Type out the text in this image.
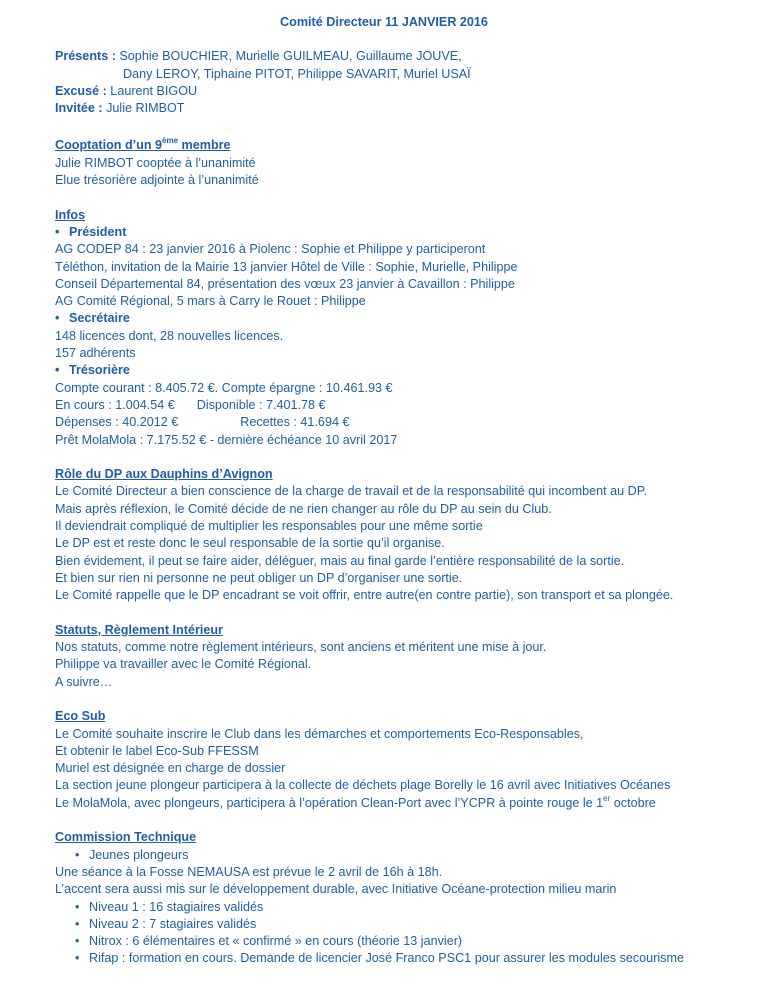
Comité Directeur 11 JANVIER 2016
Présents : Sophie BOUCHIER, Murielle GUILMEAU, Guillaume JOUVE,
Dany LEROY, Tiphaine PITOT, Philippe SAVARIT, Muriel USAÏ
Excusé : Laurent BIGOU
Invitée : Julie RIMBOT
Cooptation d’un 9ème membre
Julie RIMBOT cooptée à l’unanimité
Elue trésorière adjointe à l’unanimité
Infos
• Président
AG CODEP 84 : 23 janvier 2016 à Piolenc : Sophie et Philippe y participeront
Téléthon, invitation de la Mairie 13 janvier Hôtel de Ville : Sophie, Murielle, Philippe
Conseil Départemental 84, présentation des vœux 23 janvier à Cavaillon : Philippe
AG Comité Régional, 5 mars à Carry le Rouet : Philippe
• Secrétaire
148 licences dont, 28 nouvelles licences.
157 adhérents
• Trésorière
Compte courant : 8.405.72 €. Compte épargne : 10.461.93 €
En cours : 1.004.54 € Disponible : 7.401.78 €
Dépenses : 40.2012 €	Recettes : 41.694 €
Prêt MolaMola : 7.175.52 € - dernière échéance 10 avril 2017
Rôle du DP aux Dauphins d’Avignon
Le Comité Directeur a bien conscience de la charge de travail et de la responsabilité qui incombent au DP.
Mais après réflexion, le Comité décide de ne rien changer au rôle du DP au sein du Club.
Il deviendrait compliqué de multiplier les responsables pour une même sortie
Le DP est et reste donc le seul responsable de la sortie qu’il organise.
Bien évidement, il peut se faire aider, déléguer, mais au final garde l’entière responsabilité de la sortie.
Et bien sur rien ni personne ne peut obliger un DP d’organiser une sortie.
Le Comité rappelle que le DP encadrant se voit offrir, entre autre(en contre partie), son transport et sa plongée.
Statuts, Règlement Intérieur
Nos statuts, comme notre règlement intérieurs, sont anciens et méritent une mise à jour.
Philippe va travailler avec le Comité Régional.
A suivre…
Eco Sub
Le Comité souhaite inscrire le Club dans les démarches et comportements Eco-Responsables,
Et obtenir le label Eco-Sub FFESSM
Muriel est désignée en charge de dossier
La section jeune plongeur participera à la collecte de déchets plage Borelly le 16 avril avec Initiatives Océanes
Le MolaMola, avec plongeurs, participera à l’opération Clean-Port avec l’YCPR à pointe rouge le 1er octobre
Commission Technique
• Jeunes plongeurs
Une séance à la Fosse NEMAUSA est prévue le 2 avril de 16h à 18h.
L’accent sera aussi mis sur le développement durable, avec Initiative Océane-protection milieu marin
• Niveau 1 : 16 stagiaires validés
• Niveau 2 : 7 stagiaires validés
• Nitrox : 6 élémentaires et « confirmé » en cours (théorie 13 janvier)
• Rifap : formation en cours. Demande de licencier José Franco PSC1 pour assurer les modules secourisme
